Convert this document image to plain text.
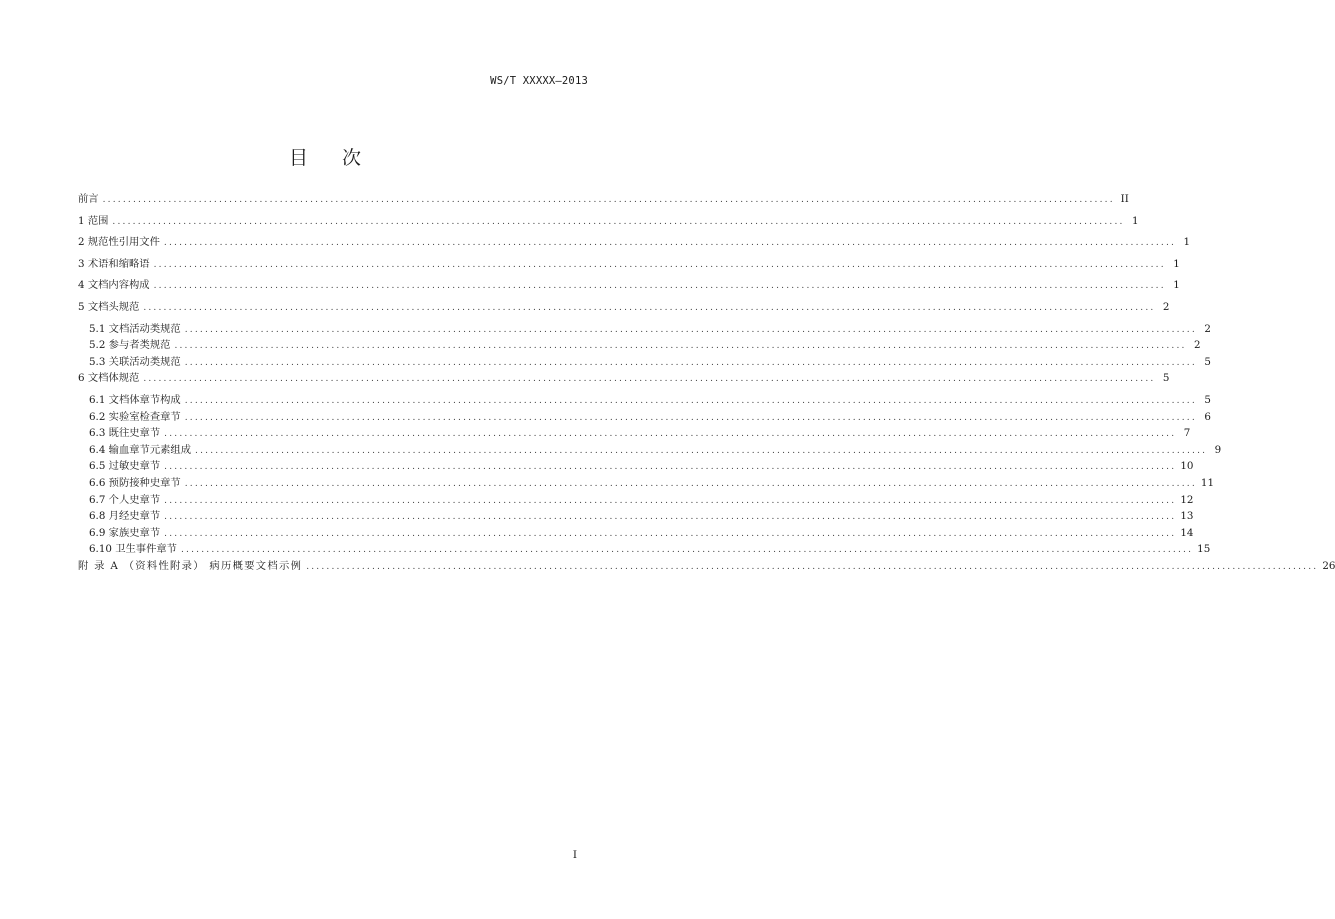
WS/T XXXXX—2013
目 次
前言 ........................................................................................................................................................................................................ II
1 范围 ........................................................................................................................................................................................................ 1
2 规范性引用文件 ........................................................................................................................................................................................................ 1
3 术语和缩略语 ........................................................................................................................................................................................................ 1
4 文档内容构成 ........................................................................................................................................................................................................ 1
5 文档头规范 ........................................................................................................................................................................................................ 2
5.1 文档活动类规范 ........................................................................................................................................................................................................ 2
5.2 参与者类规范 ........................................................................................................................................................................................................ 2
5.3 关联活动类规范 ........................................................................................................................................................................................................ 5
6 文档体规范 ........................................................................................................................................................................................................ 5
6.1 文档体章节构成 ........................................................................................................................................................................................................ 5
6.2 实验室检查章节 ........................................................................................................................................................................................................ 6
6.3 既往史章节 ........................................................................................................................................................................................................ 7
6.4 输血章节元素组成 ........................................................................................................................................................................................................ 9
6.5 过敏史章节 ........................................................................................................................................................................................................ 10
6.6 预防接种史章节 ........................................................................................................................................................................................................ 11
6.7 个人史章节 ........................................................................................................................................................................................................ 12
6.8 月经史章节 ........................................................................................................................................................................................................ 13
6.9 家族史章节 ........................................................................................................................................................................................................ 14
6.10 卫生事件章节 ........................................................................................................................................................................................................ 15
附 录 A （资料性附录） 病历概要文档示例 ........................................................................................................................................................................................................ 26
I
